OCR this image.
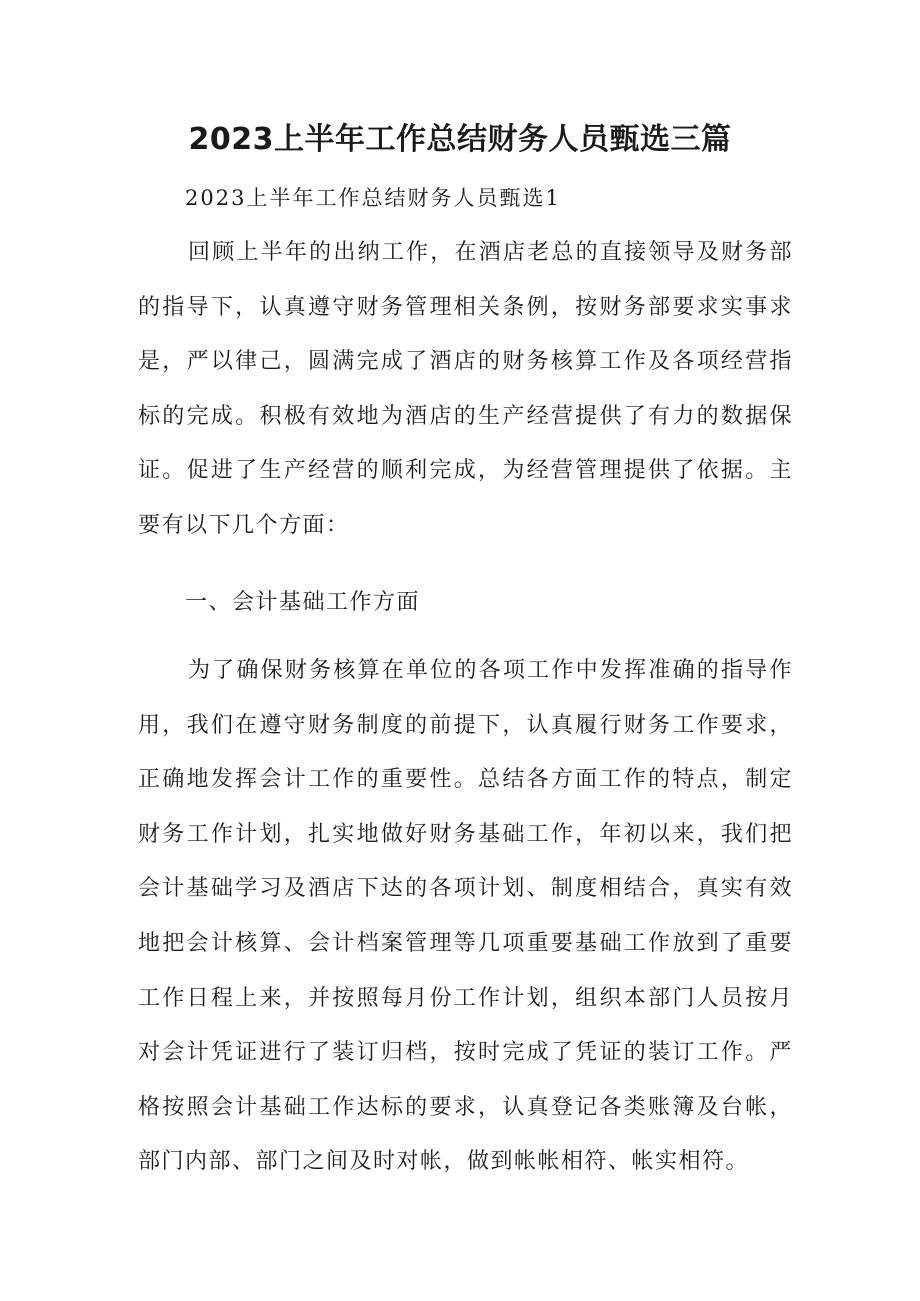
2023上半年工作总结财务人员甄选三篇
2023上半年工作总结财务人员甄选1
回顾上半年的出纳工作，在酒店老总的直接领导及财务部的指导下，认真遵守财务管理相关条例，按财务部要求实事求是，严以律己，圆满完成了酒店的财务核算工作及各项经营指标的完成。积极有效地为酒店的生产经营提供了有力的数据保证。促进了生产经营的顺利完成，为经营管理提供了依据。主要有以下几个方面：
一、会计基础工作方面
为了确保财务核算在单位的各项工作中发挥准确的指导作用，我们在遵守财务制度的前提下，认真履行财务工作要求，正确地发挥会计工作的重要性。总结各方面工作的特点，制定财务工作计划，扎实地做好财务基础工作，年初以来，我们把会计基础学习及酒店下达的各项计划、制度相结合，真实有效地把会计核算、会计档案管理等几项重要基础工作放到了重要工作日程上来，并按照每月份工作计划，组织本部门人员按月对会计凭证进行了装订归档，按时完成了凭证的装订工作。严格按照会计基础工作达标的要求，认真登记各类账簿及台帐，部门内部、部门之间及时对帐，做到帐帐相符、帐实相符。
